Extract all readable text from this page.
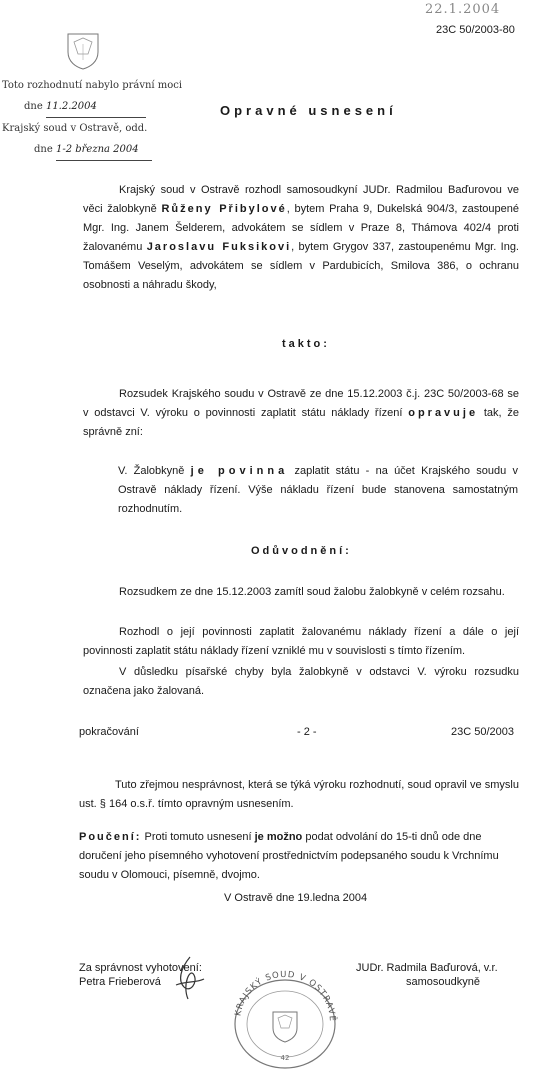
22.1.2004
23C 50/2003-80
Toto rozhodnutí nabylo právní moci
dne 11.2.2004
Krajský soud v Ostravě, odd.
dne 1-2 března 2004
Opravné usnesení
Krajský soud v Ostravě rozhodl samosoudkyní JUDr. Radmilou Baďurovou ve věci žalobkyně Růženy Přibylové, bytem Praha 9, Dukelská 904/3, zastoupené Mgr. Ing. Janem Šelderem, advokátem se sídlem v Praze 8, Thámova 402/4 proti žalovanému Jaroslavu Fuksikovi, bytem Grygov 337, zastoupenému Mgr. Ing. Tomášem Veselým, advokátem se sídlem v Pardubicích, Smilova 386, o ochranu osobnosti a náhradu škody,
takto:
Rozsudek Krajského soudu v Ostravě ze dne 15.12.2003 č.j. 23C 50/2003-68 se v odstavci V. výroku o povinnosti zaplatit státu náklady řízení opravuje tak, že správně zní:
V. Žalobkyně je povinna zaplatit státu - na účet Krajského soudu v Ostravě náklady řízení. Výše nákladu řízení bude stanovena samostatným rozhodnutím.
Odůvodnění:
Rozsudkem ze dne 15.12.2003 zamítl soud žalobu žalobkyně v celém rozsahu.
Rozhodl o její povinnosti zaplatit žalovanému náklady řízení a dále o její povinnosti zaplatit státu náklady řízení vzniklé mu v souvislosti s tímto řízením.
V důsledku písařské chyby byla žalobkyně v odstavci V. výroku rozsudku označena jako žalovaná.
pokračování	- 2 -	23C 50/2003
Tuto zřejmou nesprávnost, která se týká výroku rozhodnutí, soud opravil ve smyslu ust. § 164 o.s.ř. tímto opravným usnesením.
Poučení: Proti tomuto usnesení je možno podat odvolání do 15-ti dnů ode dne doručení jeho písemného vyhotovení prostřednictvím podepsaného soudu k Vrchnímu soudu v Olomouci, písemně, dvojmo.
V Ostravě dne 19.ledna 2004
Za správnost vyhotovení:
Petra Frieberová
JUDr. Radmila Baďurová, v.r.
samosoudkyně
KRAJSKÝ SOUD V OSTRAVĚ
42
